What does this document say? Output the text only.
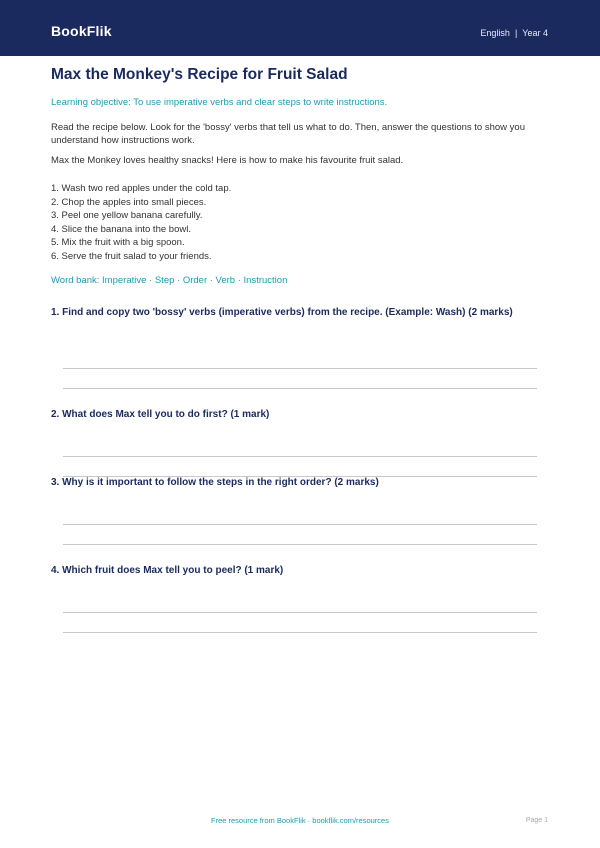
BookFlik	English | Year 4
Max the Monkey's Recipe for Fruit Salad
Learning objective: To use imperative verbs and clear steps to write instructions.

Read the recipe below. Look for the 'bossy' verbs that tell us what to do. Then, answer the questions to show you understand how instructions work.

Max the Monkey loves healthy snacks! Here is how to make his favourite fruit salad.

1. Wash two red apples under the cold tap.
2. Chop the apples into small pieces.
3. Peel one yellow banana carefully.
4. Slice the banana into the bowl.
5. Mix the fruit with a big spoon.
6. Serve the fruit salad to your friends.
Word bank: Imperative · Step · Order · Verb · Instruction

1. Find and copy two 'bossy' verbs (imperative verbs) from the recipe. (Example: Wash) (2 marks)

2. What does Max tell you to do first? (1 mark)

3. Why is it important to follow the steps in the right order? (2 marks)

4. Which fruit does Max tell you to peel? (1 mark)

Free resource from BookFlik · bookflik.com/resources	Page 1
